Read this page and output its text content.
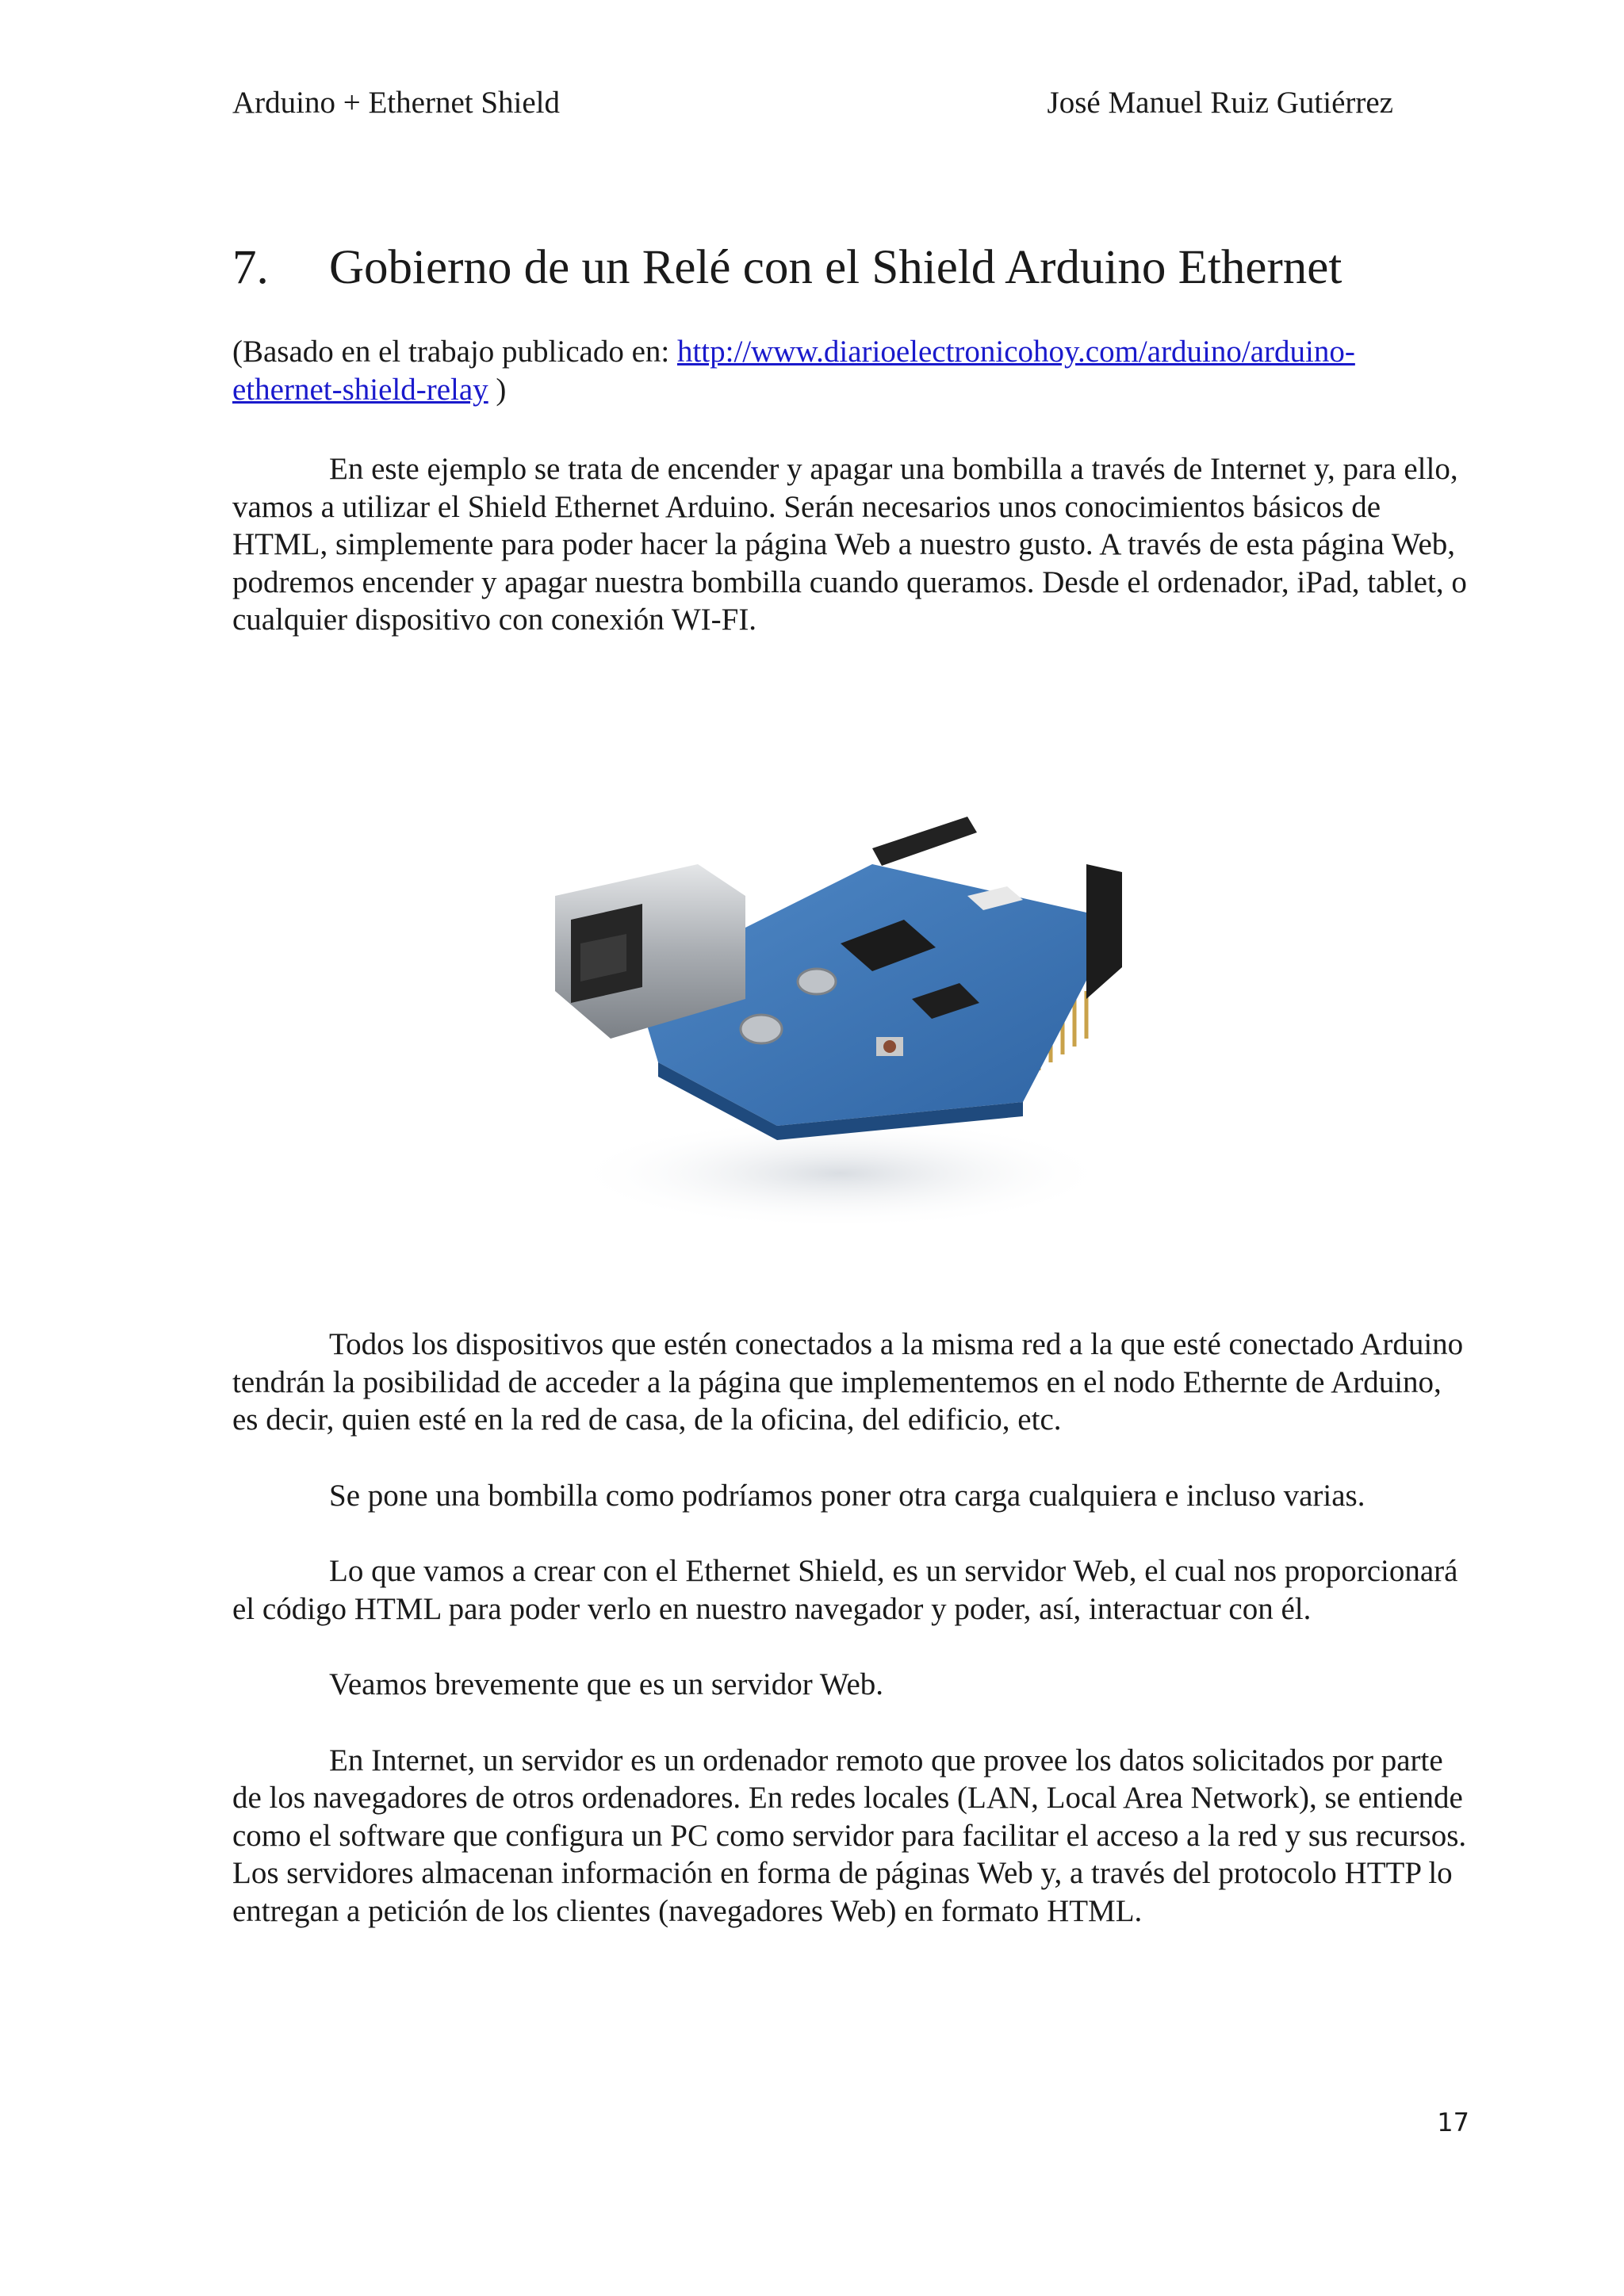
Arduino + Ethernet Shield	José Manuel Ruiz Gutiérrez
7. Gobierno de un Relé con el Shield Arduino Ethernet
(Basado en el trabajo publicado en: http://www.diarioelectronicohoy.com/arduino/arduino-
ethernet-shield-relay )

En este ejemplo se trata de encender y apagar una bombilla a través de Internet y, para ello, vamos a utilizar el Shield Ethernet Arduino. Serán necesarios unos conocimientos básicos de HTML, simplemente para poder hacer la página Web a nuestro gusto. A través de esta página Web, podremos encender y apagar nuestra bombilla cuando queramos. Desde el ordenador, iPad, tablet, o cualquier dispositivo con conexión WI-FI.

Todos los dispositivos que estén conectados a la misma red a la que esté conectado Arduino tendrán la posibilidad de acceder a la página que implementemos en el nodo Ethernte de Arduino, es decir, quien esté en la red de casa, de la oficina, del edificio, etc.

Se pone una bombilla como podríamos poner otra carga cualquiera e incluso varias.

Lo que vamos a crear con el Ethernet Shield, es un servidor Web, el cual nos proporcionará el código HTML para poder verlo en nuestro navegador y poder, así, interactuar con él.

Veamos brevemente que es un servidor Web.

En Internet, un servidor es un ordenador remoto que provee los datos solicitados por parte de los navegadores de otros ordenadores. En redes locales (LAN, Local Area Network), se entiende como el software que configura un PC como servidor para facilitar el acceso a la red y sus recursos. Los servidores almacenan información en forma de páginas Web y, a través del protocolo HTTP lo entregan a petición de los clientes (navegadores Web) en formato HTML.

17
